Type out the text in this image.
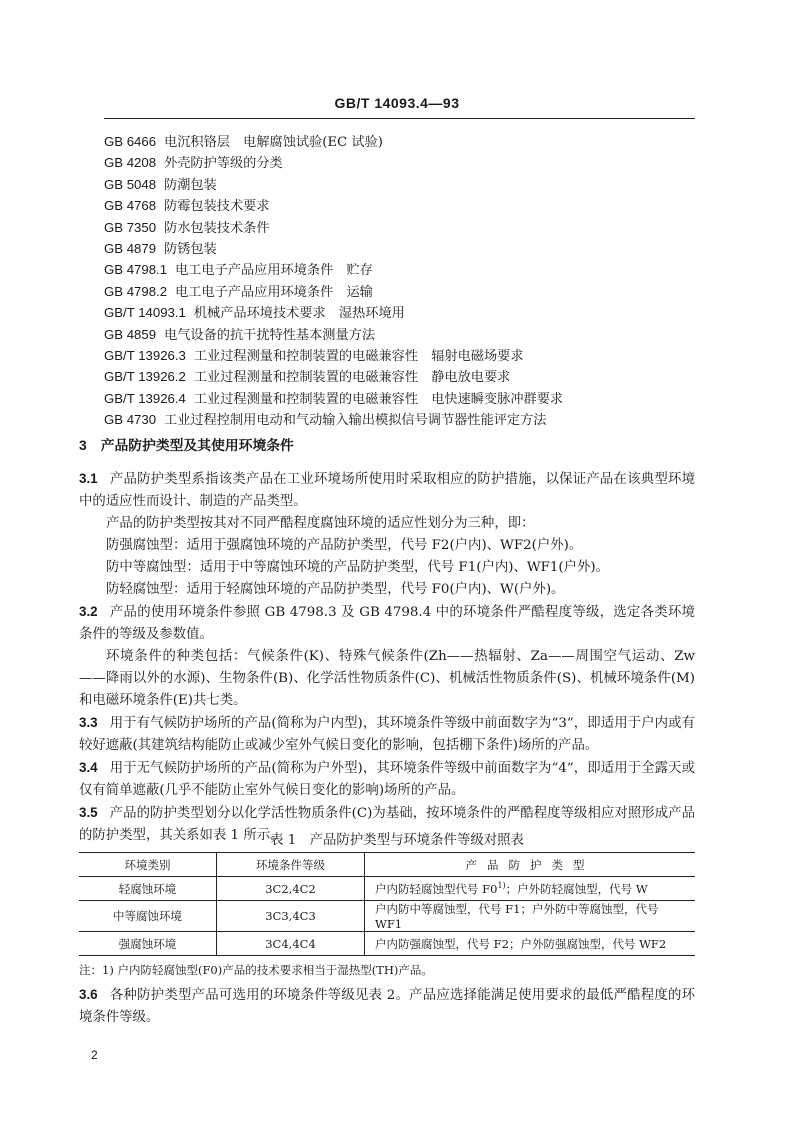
GB/T 14093.4—93
GB 6466 电沉积铬层　电解腐蚀试验(EC 试验)
GB 4208 外壳防护等级的分类
GB 5048 防潮包装
GB 4768 防霉包装技术要求
GB 7350 防水包装技术条件
GB 4879 防锈包装
GB 4798.1 电工电子产品应用环境条件　贮存
GB 4798.2 电工电子产品应用环境条件　运输
GB/T 14093.1 机械产品环境技术要求　湿热环境用
GB 4859 电气设备的抗干扰特性基本测量方法
GB/T 13926.3 工业过程测量和控制装置的电磁兼容性　辐射电磁场要求
GB/T 13926.2 工业过程测量和控制装置的电磁兼容性　静电放电要求
GB/T 13926.4 工业过程测量和控制装置的电磁兼容性　电快速瞬变脉冲群要求
GB 4730 工业过程控制用电动和气动输入输出模拟信号调节器性能评定方法
3 产品防护类型及其使用环境条件

3.1 产品防护类型系指该类产品在工业环境场所使用时采取相应的防护措施，以保证产品在该典型环境中的适应性而设计、制造的产品类型。

产品的防护类型按其对不同严酷程度腐蚀环境的适应性划分为三种，即：

防强腐蚀型：适用于强腐蚀环境的产品防护类型，代号 F2(户内)、WF2(户外)。

防中等腐蚀型：适用于中等腐蚀环境的产品防护类型，代号 F1(户内)、WF1(户外)。

防轻腐蚀型：适用于轻腐蚀环境的产品防护类型，代号 F0(户内)、W(户外)。

3.2 产品的使用环境条件参照 GB 4798.3 及 GB 4798.4 中的环境条件严酷程度等级，选定各类环境条件的等级及参数值。

环境条件的种类包括：气候条件(K)、特殊气候条件(Zh——热辐射、Za——周围空气运动、Zw——降雨以外的水源)、生物条件(B)、化学活性物质条件(C)、机械活性物质条件(S)、机械环境条件(M)和电磁环境条件(E)共七类。

3.3 用于有气候防护场所的产品(简称为户内型)，其环境条件等级中前面数字为“3”，即适用于户内或有较好遮蔽(其建筑结构能防止或减少室外气候日变化的影响，包括棚下条件)场所的产品。

3.4 用于无气候防护场所的产品(简称为户外型)，其环境条件等级中前面数字为“4”，即适用于全露天或仅有简单遮蔽(几乎不能防止室外气候日变化的影响)场所的产品。

3.5 产品的防护类型划分以化学活性物质条件(C)为基础，按环境条件的严酷程度等级相应对照形成产品的防护类型，其关系如表 1 所示。

表 1　产品防护类型与环境条件等级对照表
环境类别	环境条件等级	产品防护类型
轻腐蚀环境	3C2,4C2	户内防轻腐蚀型代号 F0$^{1)}$；户外防轻腐蚀型，代号 W
中等腐蚀环境	3C3,4C3	户内防中等腐蚀型，代号 F1；户外防中等腐蚀型，代号 WF1
强腐蚀环境	3C4,4C4	户内防强腐蚀型，代号 F2；户外防强腐蚀型，代号 WF2
注：1) 户内防轻腐蚀型(F0)产品的技术要求相当于湿热型(TH)产品。

3.6 各种防护类型产品可选用的环境条件等级见表 2。产品应选择能满足使用要求的最低严酷程度的环境条件等级。

2
